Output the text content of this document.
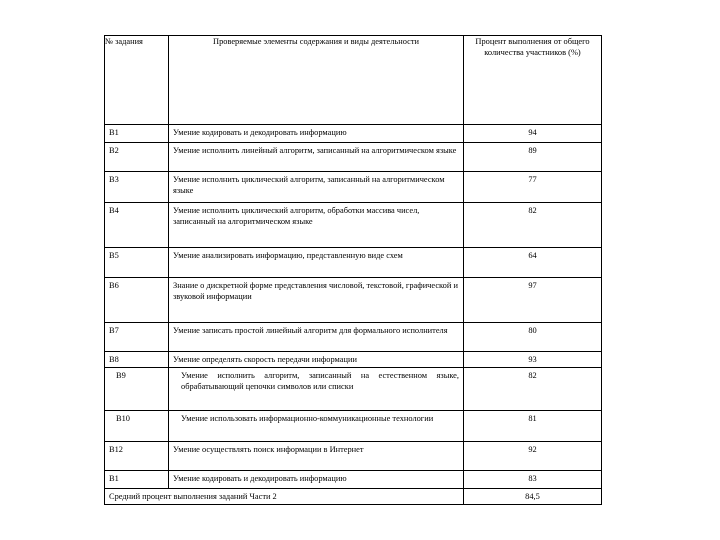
№ задания	Проверяемые элементы содержания и виды деятельности	Процент выполнения от общего количества участников (%)
В1	Умение кодировать и декодировать информацию	94
В2	Умение исполнить линейный алгоритм, записанный на алгоритмическом языке	89
В3	Умение исполнить циклический алгоритм, записанный на алгоритмическом языке	77
В4	Умение исполнить циклический алгоритм, обработки массива чисел, записанный на алгоритмическом языке	82
В5	Умение анализировать информацию, представленную виде схем	64
В6	Знание о дискретной форме представления числовой, текстовой, графической и звуковой информации	97
В7	Умение записать простой линейный алгоритм для формального исполнителя	80
В8	Умение определять скорость передачи информации	93
В9	Умение исполнить алгоритм, записанный на естественном языке, обрабатывающий цепочки символов или списки	82
В10	Умение использовать информационно-коммуникационные технологии	81
В12	Умение осуществлять поиск информации в Интернет	92
В1	Умение кодировать и декодировать информацию	83
Средний процент выполнения заданий Части 2		84,5
